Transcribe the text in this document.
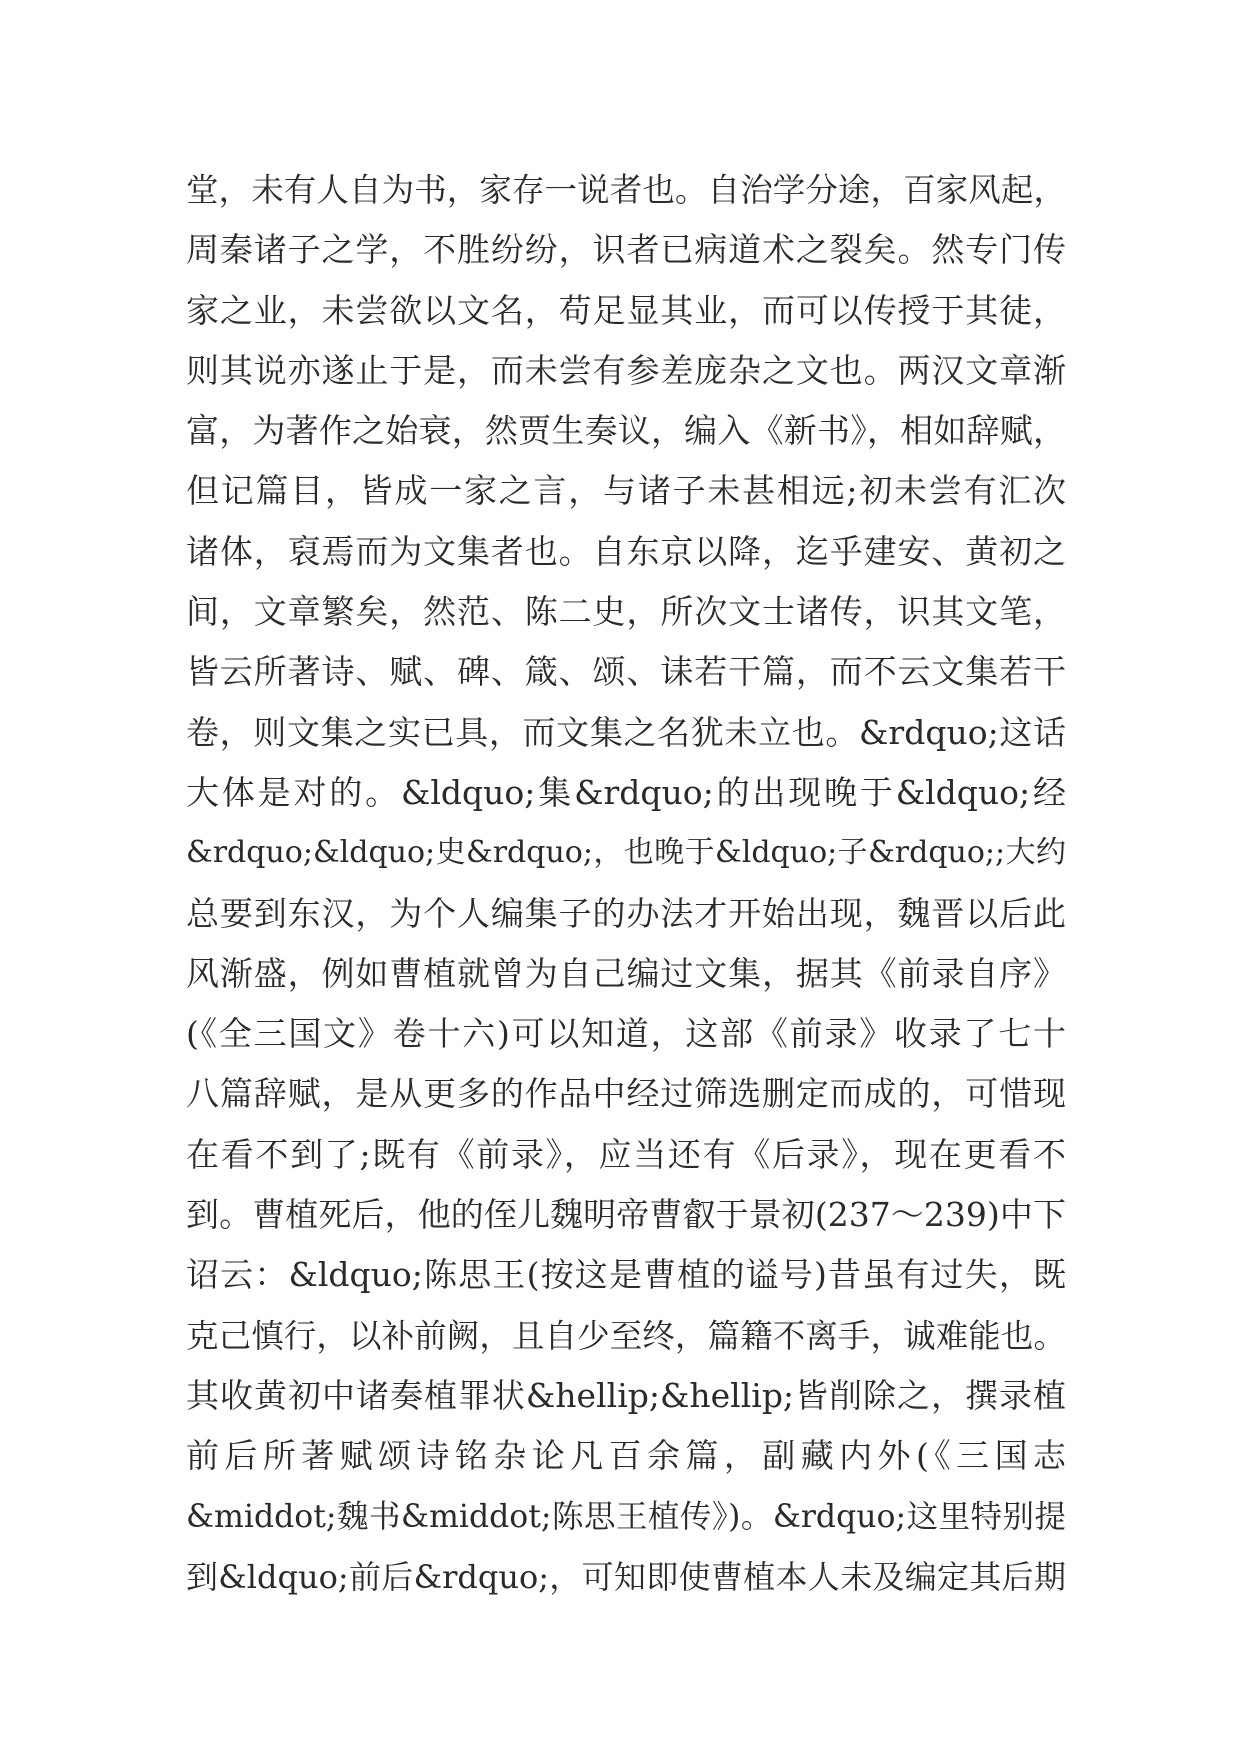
堂，未有人自为书，家存一说者也。自治学分途，百家风起，
周秦诸子之学，不胜纷纷，识者已病道术之裂矣。然专门传
家之业，未尝欲以文名，苟足显其业，而可以传授于其徒，
则其说亦遂止于是，而未尝有参差庞杂之文也。两汉文章渐
富，为著作之始衰，然贾生奏议，编入《新书》，相如辞赋，
但记篇目，皆成一家之言，与诸子未甚相远;初未尝有汇次
诸体，裒焉而为文集者也。自东京以降，迄乎建安、黄初之
间，文章繁矣，然范、陈二史，所次文士诸传，识其文笔，
皆云所著诗、赋、碑、箴、颂、诔若干篇，而不云文集若干
卷，则文集之实已具，而文集之名犹未立也。&rdquo;这话
大体是对的。&ldquo;集&rdquo;的出现晚于&ldquo;经
&rdquo;&ldquo;史&rdquo;，也晚于&ldquo;子&rdquo;;大约
总要到东汉，为个人编集子的办法才开始出现，魏晋以后此
风渐盛，例如曹植就曾为自己编过文集，据其《前录自序》
(《全三国文》卷十六)可以知道，这部《前录》收录了七十
八篇辞赋，是从更多的作品中经过筛选删定而成的，可惜现
在看不到了;既有《前录》，应当还有《后录》，现在更看不
到。曹植死后，他的侄儿魏明帝曹叡于景初(237～239)中下
诏云：&ldquo;陈思王(按这是曹植的谥号)昔虽有过失，既
克己慎行，以补前阙，且自少至终，篇籍不离手，诚难能也。
其收黄初中诸奏植罪状&hellip;&hellip;皆削除之，撰录植
前后所著赋颂诗铭杂论凡百余篇，副藏内外(《三国志
&middot;魏书&middot;陈思王植传》)。&rdquo;这里特别提
到&ldquo;前后&rdquo;，可知即使曹植本人未及编定其后期
